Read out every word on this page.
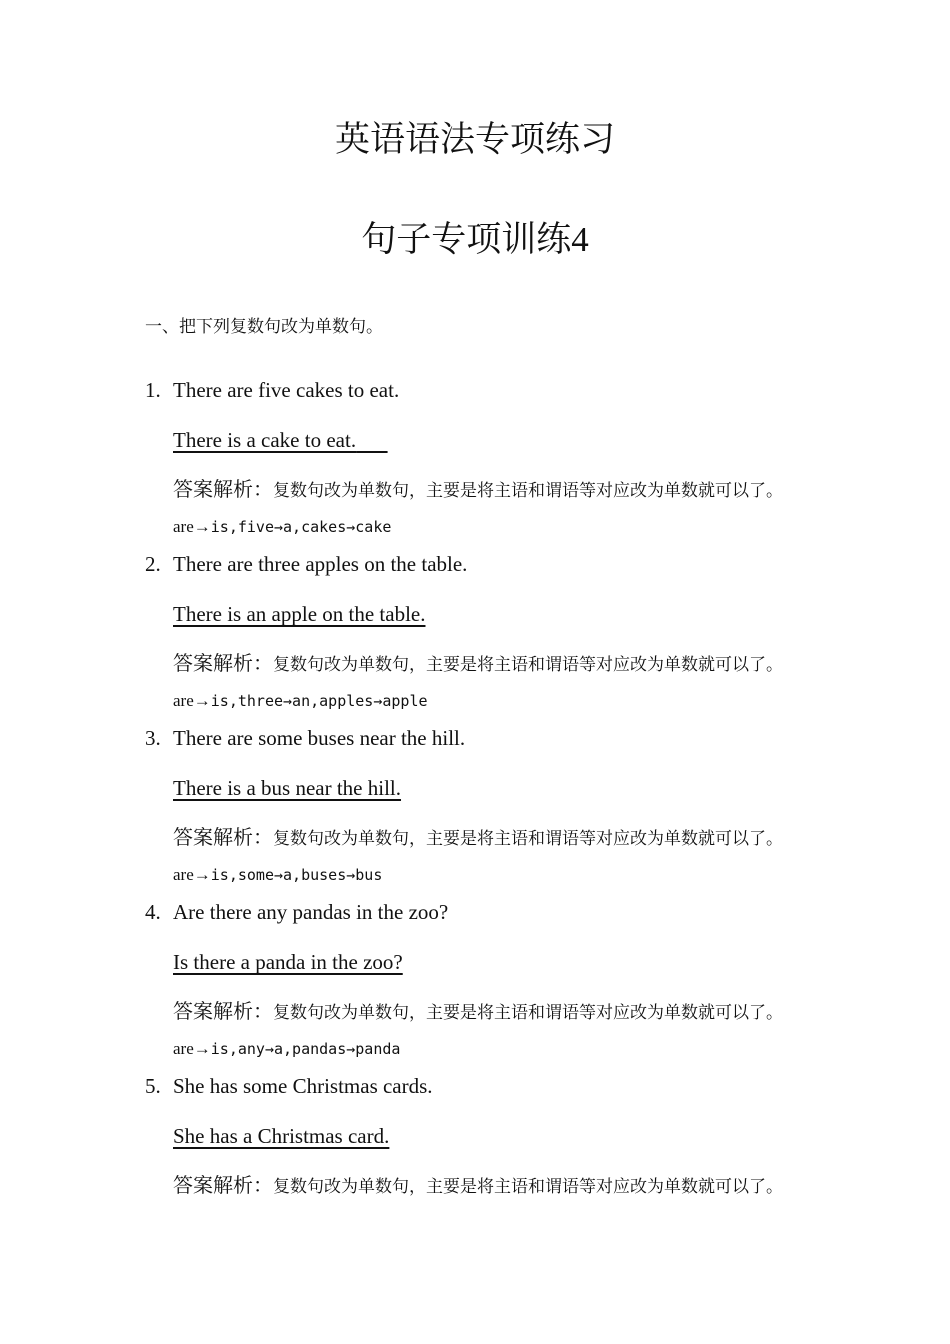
英语语法专项练习
句子专项训练4
一、把下列复数句改为单数句。
1. There are five cakes to eat.
There is a cake to eat.
答案解析：复数句改为单数句，主要是将主语和谓语等对应改为单数就可以了。are→is,five→a,cakes→cake
2. There are three apples on the table.
There is an apple on the table.
答案解析：复数句改为单数句，主要是将主语和谓语等对应改为单数就可以了。are→is,three→an,apples→apple
3. There are some buses near the hill.
There is a bus near the hill.
答案解析：复数句改为单数句，主要是将主语和谓语等对应改为单数就可以了。are→is,some→a,buses→bus
4. Are there any pandas in the zoo?
Is there a panda in the zoo?
答案解析：复数句改为单数句，主要是将主语和谓语等对应改为单数就可以了。are→is,any→a,pandas→panda
5. She has some Christmas cards.
She has a Christmas card.
答案解析：复数句改为单数句，主要是将主语和谓语等对应改为单数就可以了。
